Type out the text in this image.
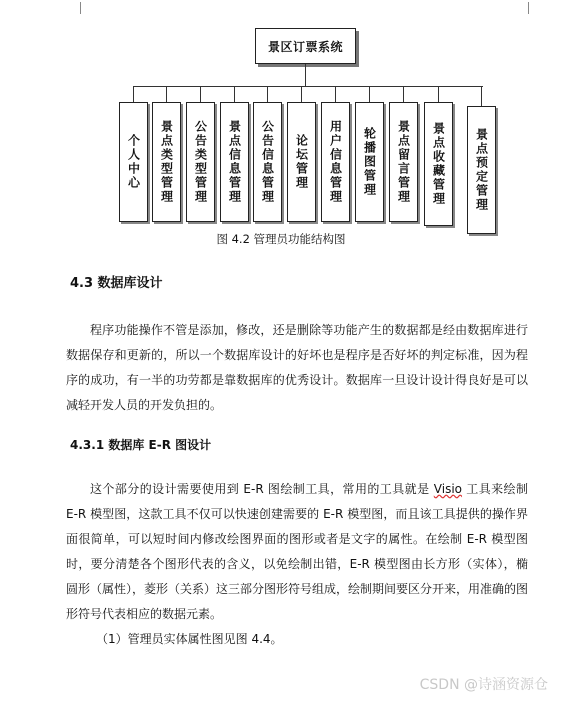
景区订票系统
图 4.2 管理员功能结构图
个人中心 景点类型管理 公告类型管理 景点信息管理 公告信息管理 论坛管理 用户信息管理 轮播图管理 景点留言管理 景点收藏管理 景点预定管理
4.3 数据库设计

程序功能操作不管是添加，修改，还是删除等功能产生的数据都是经由数据库进行数据保存和更新的，所以一个数据库设计的好坏也是程序是否好坏的判定标准，因为程序的成功，有一半的功劳都是靠数据库的优秀设计。数据库一旦设计设计得良好是可以减轻开发人员的开发负担的。

4.3.1 数据库 E-R 图设计

这个部分的设计需要使用到 E-R 图绘制工具，常用的工具就是 Visio 工具来绘制 E-R 模型图，这款工具不仅可以快速创建需要的 E-R 模型图，而且该工具提供的操作界面很简单，可以短时间内修改绘图界面的图形或者是文字的属性。在绘制 E-R 模型图时，要分清楚各个图形代表的含义，以免绘制出错，E-R 模型图由长方形（实体），椭圆形（属性），菱形（关系）这三部分图形符号组成，绘制期间要区分开来，用准确的图形符号代表相应的数据元素。

（1）管理员实体属性图见图 4.4。
CSDN @诗涵资源仓
